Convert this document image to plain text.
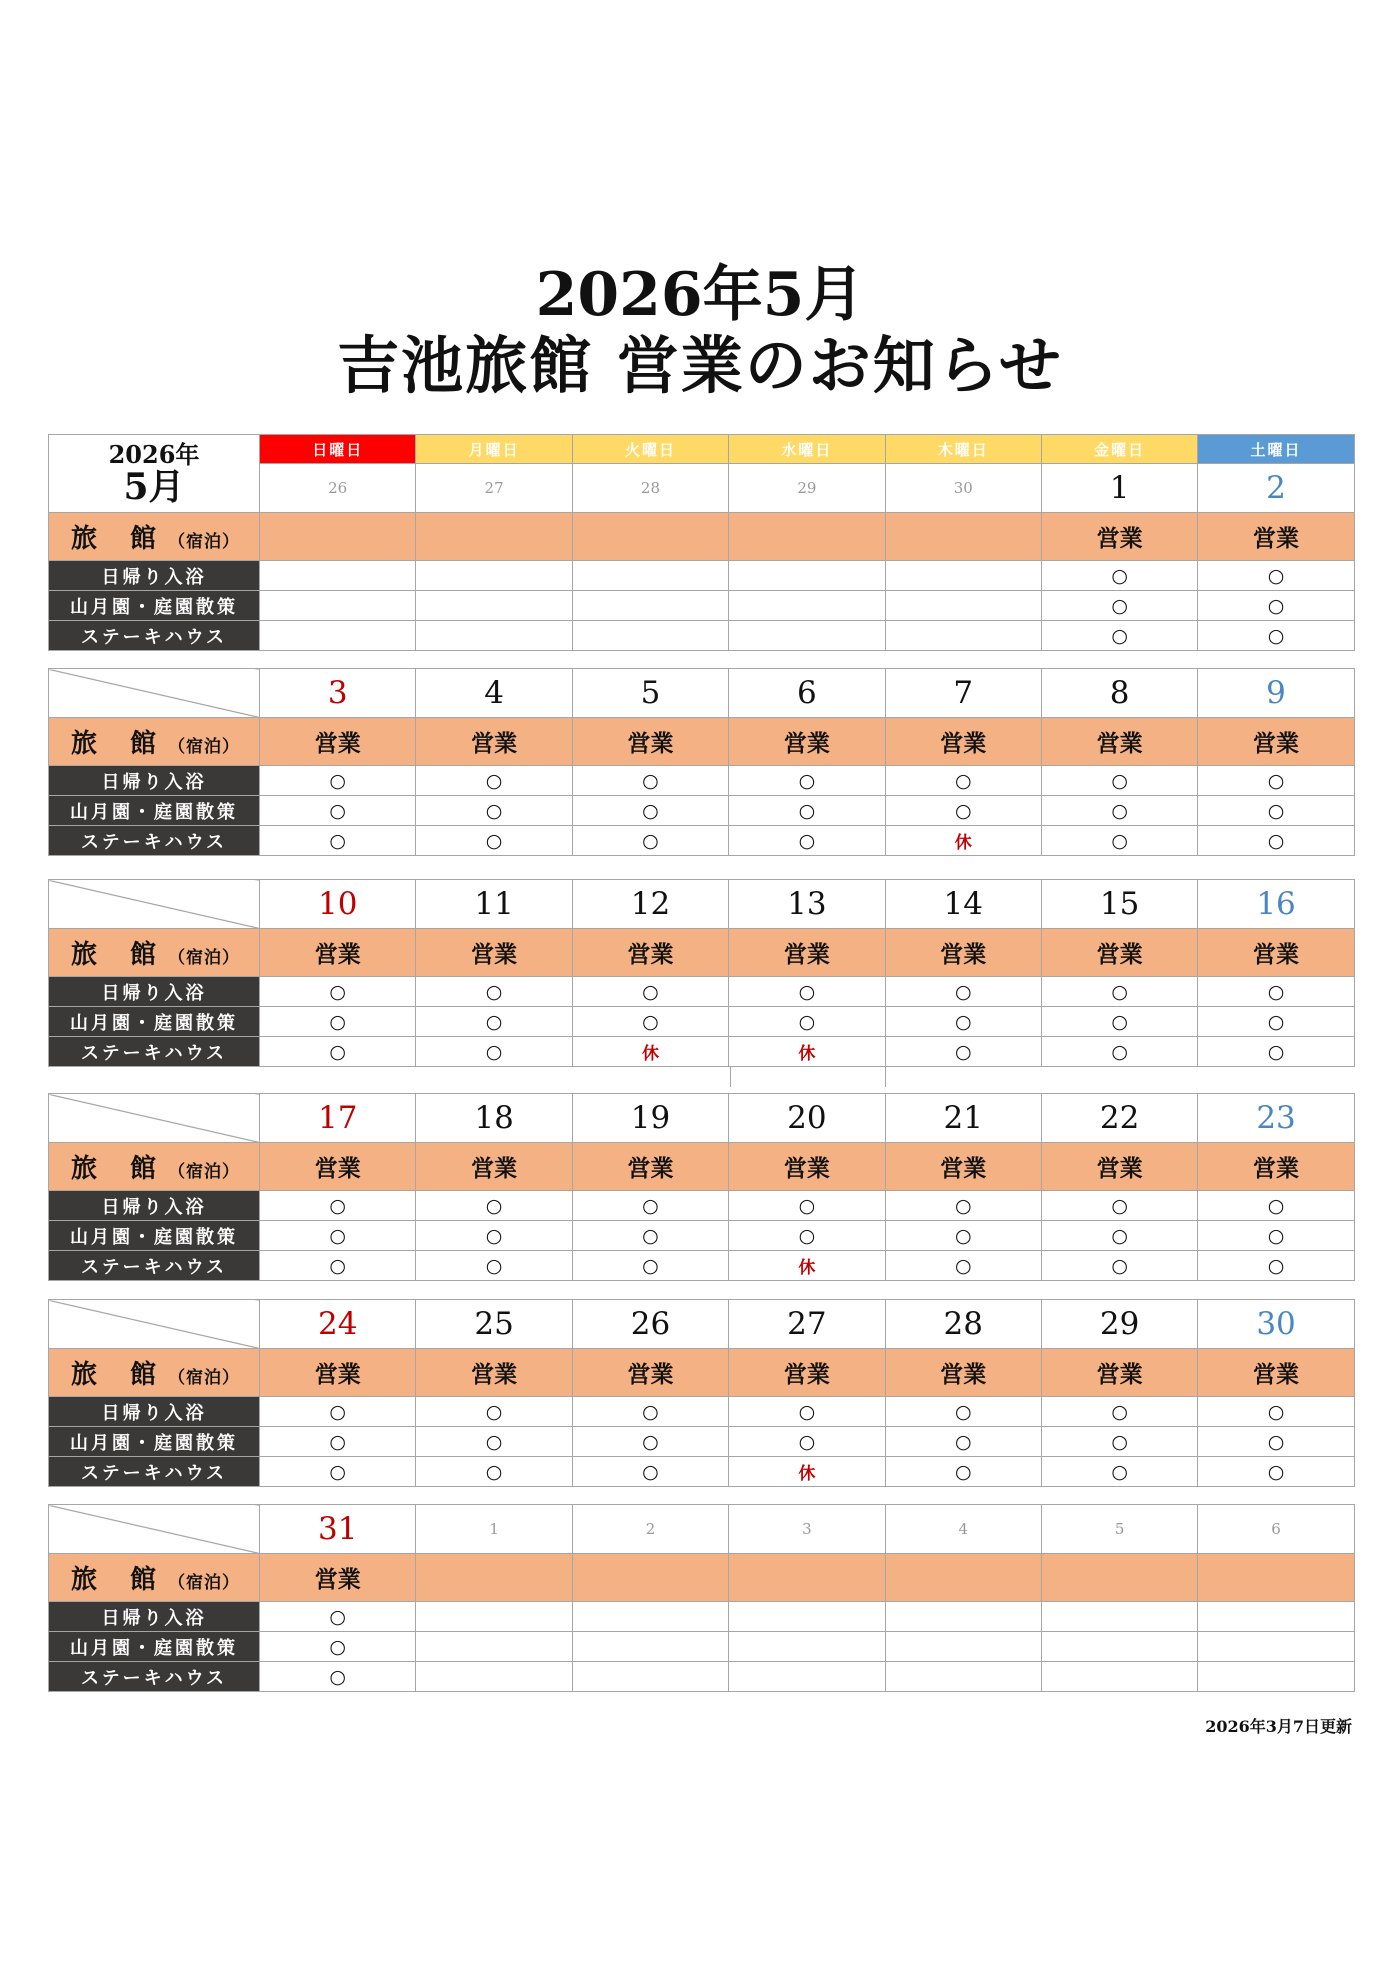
2026年5月
吉池旅館 営業のお知らせ
2026年
5月	日曜日	月曜日	火曜日	水曜日	木曜日	金曜日	土曜日
	26	27	28	29	30	1	2
旅 館（宿泊）						営業	営業
日帰り入浴						○	○
山月園・庭園散策						○	○
ステーキハウス						○	○
	3	4	5	6	7	8	9
旅 館（宿泊）	営業	営業	営業	営業	営業	営業	営業
日帰り入浴	○	○	○	○	○	○	○
山月園・庭園散策	○	○	○	○	○	○	○
ステーキハウス	○	○	○	○	休	○	○
	10	11	12	13	14	15	16
旅 館（宿泊）	営業	営業	営業	営業	営業	営業	営業
日帰り入浴	○	○	○	○	○	○	○
山月園・庭園散策	○	○	○	○	○	○	○
ステーキハウス	○	○	休	休	○	○	○
	17	18	19	20	21	22	23
旅 館（宿泊）	営業	営業	営業	営業	営業	営業	営業
日帰り入浴	○	○	○	○	○	○	○
山月園・庭園散策	○	○	○	○	○	○	○
ステーキハウス	○	○	○	休	○	○	○
	24	25	26	27	28	29	30
旅 館（宿泊）	営業	営業	営業	営業	営業	営業	営業
日帰り入浴	○	○	○	○	○	○	○
山月園・庭園散策	○	○	○	○	○	○	○
ステーキハウス	○	○	○	休	○	○	○
	31	1	2	3	4	5	6
旅 館（宿泊）	営業						
日帰り入浴	○						
山月園・庭園散策	○						
ステーキハウス	○						
2026年3月7日更新
